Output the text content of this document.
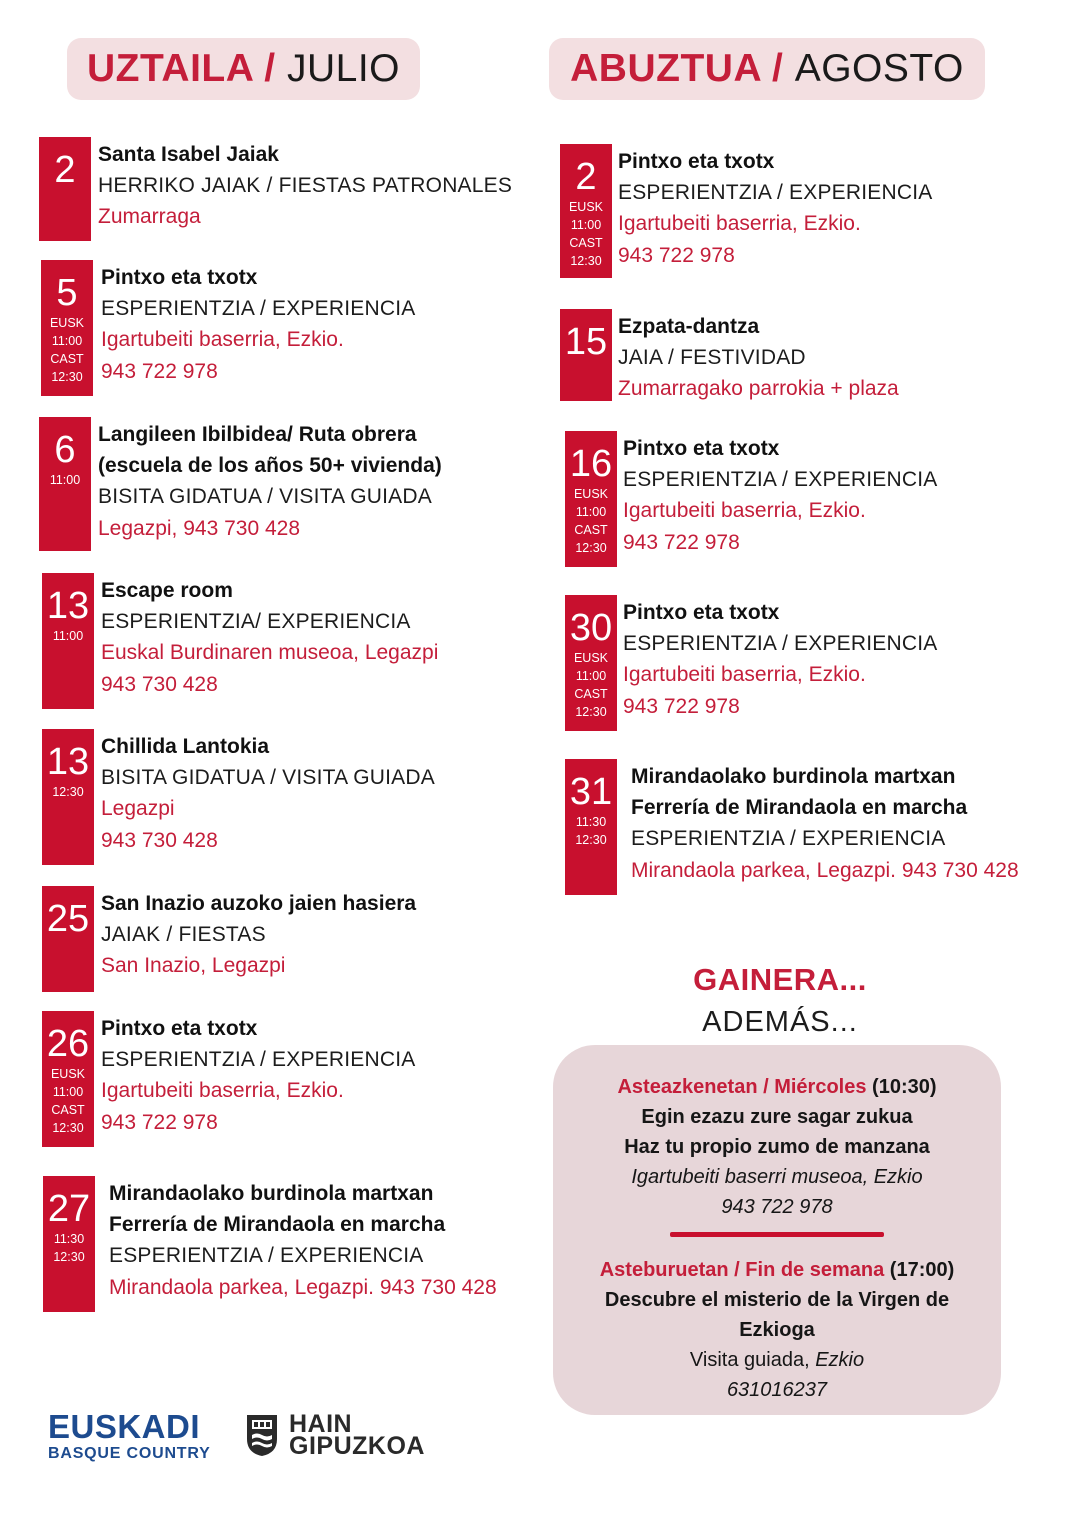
UZTAILA /
JULIO	ABUZTUA /
AGOSTO
2	Santa Isabel Jaiak
HERRIKO JAIAK / FIESTAS PATRONALES
Zumarraga
5
EUSK
11:00
CAST
12:30
Pintxo eta txotx
ESPERIENTZIA / EXPERIENCIA
Igartubeiti baserria, Ezkio.
943 722 978
6
11:00
Langileen Ibilbidea/ Ruta obrera
(escuela de los años 50+ vivienda)
BISITA GIDATUA / VISITA GUIADA
Legazpi, 943 730 428
13
11:00
Escape room
ESPERIENTZIA/ EXPERIENCIA
Euskal Burdinaren museoa, Legazpi
943 730 428
13
12:30
Chillida Lantokia
BISITA GIDATUA / VISITA GUIADA
Legazpi
943 730 428
25 San Inazio auzoko jaien hasiera
JAIAK / FIESTAS
San Inazio, Legazpi
26
EUSK
11:00
CAST
12:30
Pintxo eta txotx
ESPERIENTZIA / EXPERIENCIA
Igartubeiti baserria, Ezkio.
943 722 978
27
11:30
12:30
Mirandaolako burdinola martxan
Ferrería de Mirandaola en marcha
ESPERIENTZIA / EXPERIENCIA
Mirandaola parkea, Legazpi. 943 730 428
2
EUSK
11:00
CAST
12:30
Pintxo eta txotx
ESPERIENTZIA / EXPERIENCIA
Igartubeiti baserria, Ezkio.
943 722 978
15 Ezpata-dantza
JAIA / FESTIVIDAD
Zumarragako parrokia + plaza
16
EUSK
11:00
CAST
12:30
Pintxo eta txotx
ESPERIENTZIA / EXPERIENCIA
Igartubeiti baserria, Ezkio.
943 722 978
30
EUSK
11:00
CAST
12:30
Pintxo eta txotx
ESPERIENTZIA / EXPERIENCIA
Igartubeiti baserria, Ezkio.
943 722 978
31
11:30
12:30
Mirandaolako burdinola martxan
Ferrería de Mirandaola en marcha
ESPERIENTZIA / EXPERIENCIA
Mirandaola parkea, Legazpi. 943 730 428
GAINERA...
ADEMÁS...
Asteazkenetan / Miércoles (10:30)
Egin ezazu zure sagar zukua
Haz tu propio zumo de manzana
Igartubeiti baserri museoa, Ezkio
943 722 978
Asteburuetan / Fin de semana (17:00)
Descubre el misterio de la Virgen de
Ezkioga
Visita guiada, Ezkio
631016237
EUSKADI
BASQUE COUNTRY
HAIN
GIPUZKOA
